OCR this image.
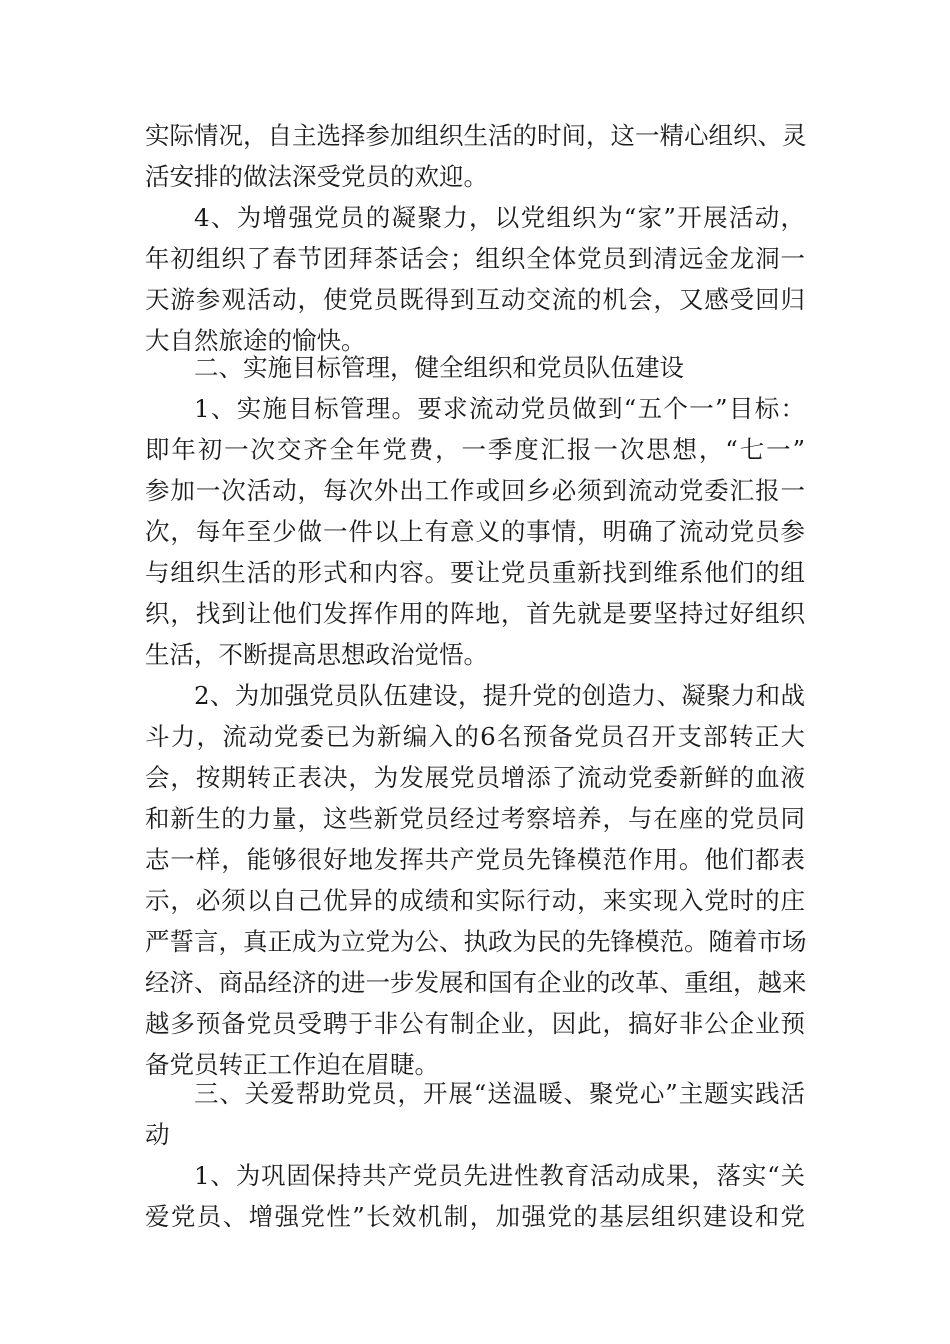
实际情况，自主选择参加组织生活的时间，这一精心组织、灵
活安排的做法深受党员的欢迎。
4、为增强党员的凝聚力，以党组织为“家”开展活动，
年初组织了春节团拜茶话会；组织全体党员到清远金龙洞一
天游参观活动，使党员既得到互动交流的机会，又感受回归
大自然旅途的愉快。
二、实施目标管理，健全组织和党员队伍建设
1、实施目标管理。要求流动党员做到“五个一”目标：
即年初一次交齐全年党费，一季度汇报一次思想，“七一”
参加一次活动，每次外出工作或回乡必须到流动党委汇报一
次，每年至少做一件以上有意义的事情，明确了流动党员参
与组织生活的形式和内容。要让党员重新找到维系他们的组
织，找到让他们发挥作用的阵地，首先就是要坚持过好组织
生活，不断提高思想政治觉悟。
2、为加强党员队伍建设，提升党的创造力、凝聚力和战
斗力，流动党委已为新编入的6名预备党员召开支部转正大
会，按期转正表决，为发展党员增添了流动党委新鲜的血液
和新生的力量，这些新党员经过考察培养，与在座的党员同
志一样，能够很好地发挥共产党员先锋模范作用。他们都表
示，必须以自己优异的成绩和实际行动，来实现入党时的庄
严誓言，真正成为立党为公、执政为民的先锋模范。随着市场
经济、商品经济的进一步发展和国有企业的改革、重组，越来
越多预备党员受聘于非公有制企业，因此，搞好非公企业预
备党员转正工作迫在眉睫。
三、关爱帮助党员，开展“送温暖、聚党心”主题实践活
动
1、为巩固保持共产党员先进性教育活动成果，落实“关
爱党员、增强党性”长效机制，加强党的基层组织建设和党
